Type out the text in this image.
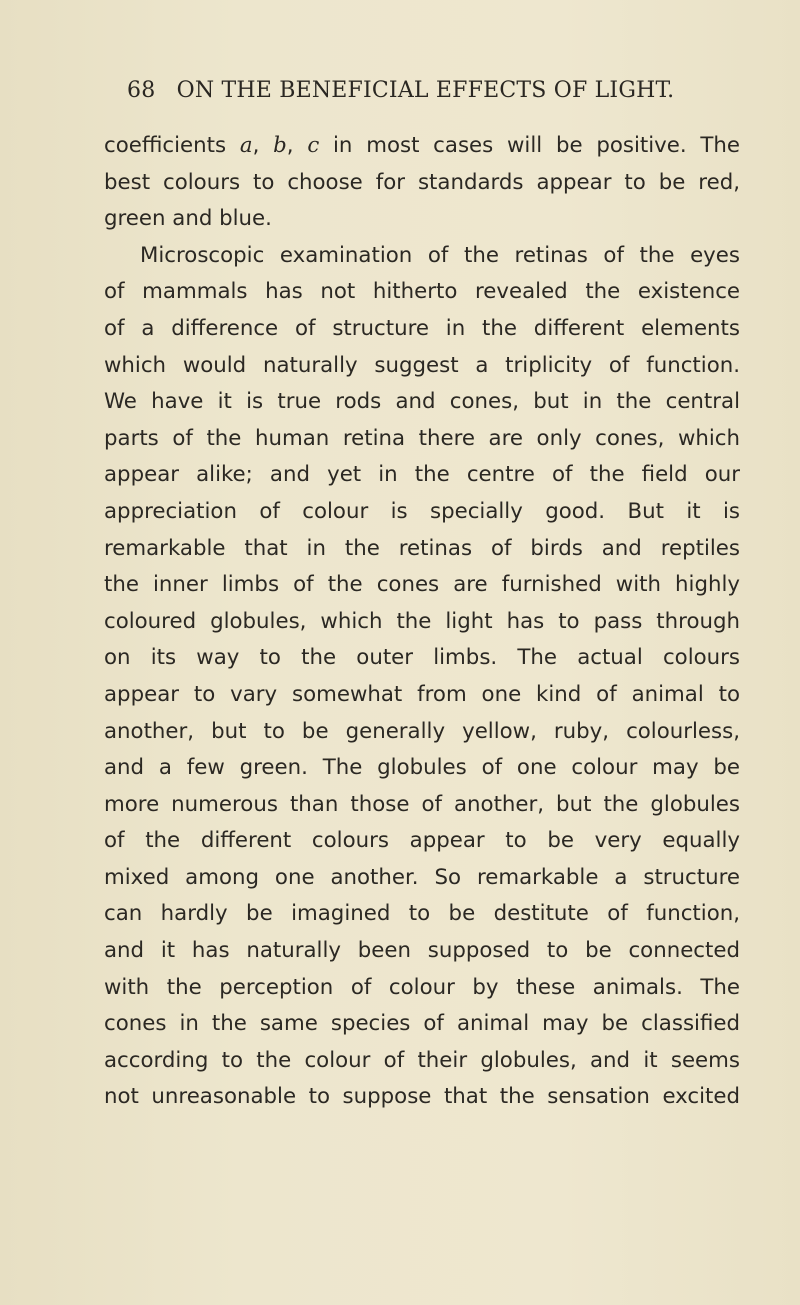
68 ON THE BENEFICIAL EFFECTS OF LIGHT.
coefficients a, b, c in most cases will be positive. The
best colours to choose for standards appear to be red,
green and blue.
Microscopic examination of the retinas of the eyes
of mammals has not hitherto revealed the existence
of a difference of structure in the different elements
which would naturally suggest a triplicity of function.
We have it is true rods and cones, but in the central
parts of the human retina there are only cones, which
appear alike; and yet in the centre of the field our
appreciation of colour is specially good. But it is
remarkable that in the retinas of birds and reptiles
the inner limbs of the cones are furnished with highly
coloured globules, which the light has to pass through
on its way to the outer limbs. The actual colours
appear to vary somewhat from one kind of animal to
another, but to be generally yellow, ruby, colourless,
and a few green. The globules of one colour may be
more numerous than those of another, but the globules
of the different colours appear to be very equally
mixed among one another. So remarkable a structure
can hardly be imagined to be destitute of function,
and it has naturally been supposed to be connected
with the perception of colour by these animals. The
cones in the same species of animal may be classified
according to the colour of their globules, and it seems
not unreasonable to suppose that the sensation excited
